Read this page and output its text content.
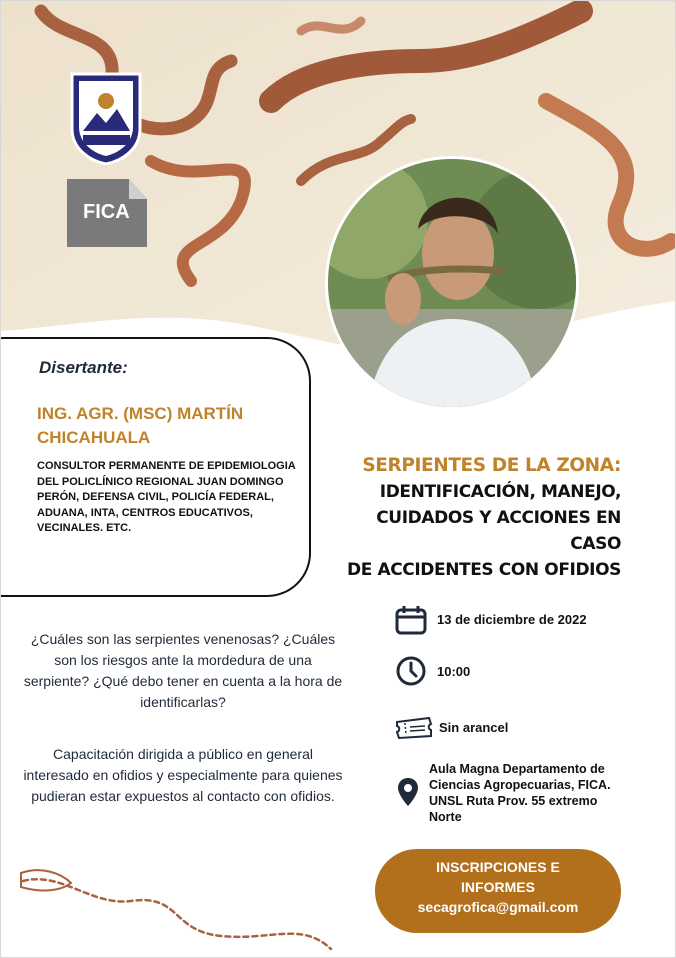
FICA
Disertante:
ING. AGR. (MSC) MARTÍN CHICAHUALA
CONSULTOR PERMANENTE DE EPIDEMIOLOGIA DEL POLICLÍNICO REGIONAL JUAN DOMINGO PERÓN, DEFENSA CIVIL, POLICÍA FEDERAL, ADUANA, INTA, CENTROS EDUCATIVOS, VECINALES. ETC.
SERPIENTES DE LA ZONA:
IDENTIFICACIÓN, MANEJO,
CUIDADOS Y ACCIONES EN CASO
DE ACCIDENTES CON OFIDIOS
¿Cuáles son las serpientes venenosas? ¿Cuáles son los riesgos ante la mordedura de una serpiente? ¿Qué debo tener en cuenta a la hora de identificarlas?
Capacitación dirigida a público en general interesado en ofidios y especialmente para quienes pudieran estar expuestos al contacto con ofidios.
13 de diciembre de 2022
10:00
Sin arancel
Aula Magna Departamento de Ciencias Agropecuarias, FICA. UNSL Ruta Prov. 55 extremo Norte
INSCRIPCIONES E
INFORMES
secagrofica@gmail.com
